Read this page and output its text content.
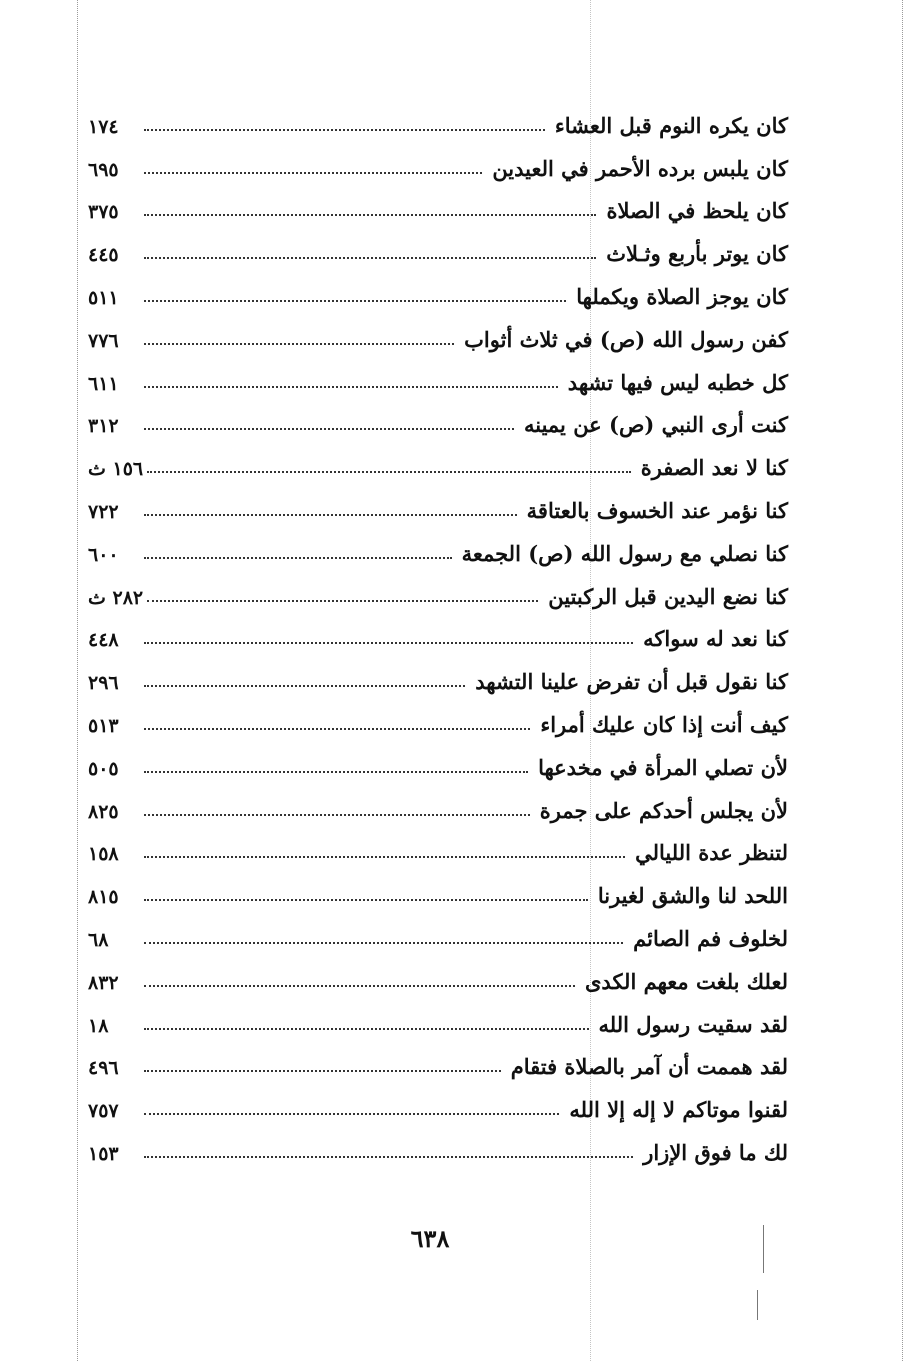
كان يكره النوم قبل العشاء
١٧٤
كان يلبس برده الأحمر في العيدين
٦٩٥
كان يلحظ في الصلاة
٣٧٥
كان يوتر بأربع وثـلاث
٤٤٥
كان يوجز الصلاة ويكملها
٥١١
كفن رسول الله (ص) في ثلاث أثواب
٧٧٦
كل خطبه ليس فيها تشهد
٦١١
كنت أرى النبي (ص) عن يمينه
٣١٢
كنا لا نعد الصفرة
١٥٦ ث
كنا نؤمر عند الخسوف بالعتاقة
٧٢٢
كنا نصلي مع رسول الله (ص) الجمعة
٦٠٠
كنا نضع اليدين قبل الركبتين
٢٨٢ ث
كنا نعد له سواكه
٤٤٨
كنا نقول قبل أن تفرض علينا التشهد
٢٩٦
كيف أنت إذا كان عليك أمراء
٥١٣
لأن تصلي المرأة في مخدعها
٥٠٥
لأن يجلس أحدكم على جمرة
٨٢٥
لتنظر عدة الليالي
١٥٨
اللحد لنا والشق لغيرنا
٨١٥
لخلوف فم الصائم
٦٨
لعلك بلغت معهم الكدى
٨٣٢
لقد سقيت رسول الله
١٨
لقد هممت أن آمر بالصلاة فتقام
٤٩٦
لقنوا موتاكم لا إله إلا الله
٧٥٧
لك ما فوق الإزار
١٥٣
٦٣٨
